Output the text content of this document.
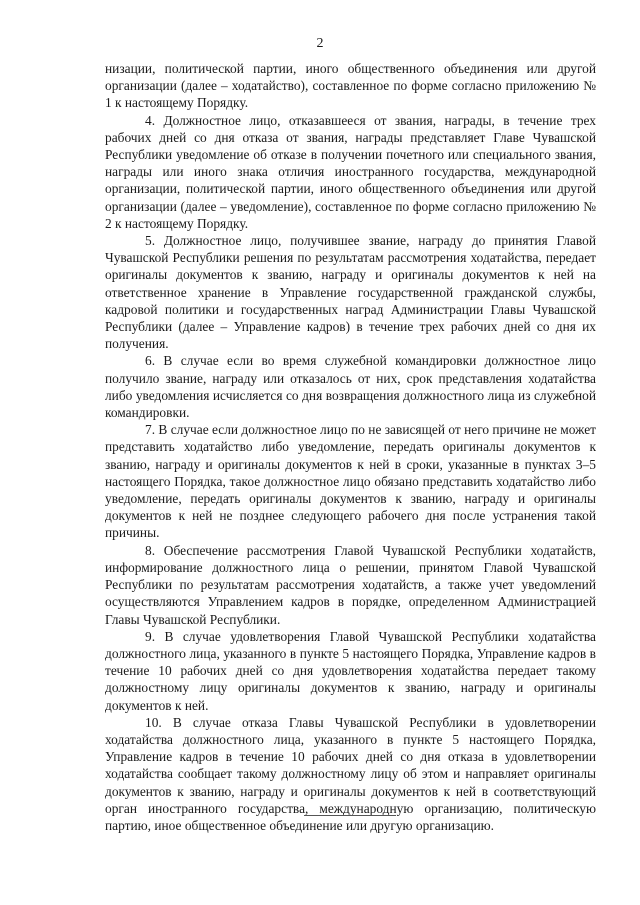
2

низации, политической партии, иного общественного объединения или другой организации (далее – ходатайство), составленное по форме согласно приложению № 1 к настоящему Порядку.

4. Должностное лицо, отказавшееся от звания, награды, в течение трех рабочих дней со дня отказа от звания, награды представляет Главе Чувашской Республики уведомление об отказе в получении почетного или специального звания, награды или иного знака отличия иностранного государства, международной организации, политической партии, иного общественного объединения или другой организации (далее – уведомление), составленное по форме согласно приложению № 2 к настоящему Порядку.

5. Должностное лицо, получившее звание, награду до принятия Главой Чувашской Республики решения по результатам рассмотрения ходатайства, передает оригиналы документов к званию, награду и оригиналы документов к ней на ответственное хранение в Управление государственной гражданской службы, кадровой политики и государственных наград Администрации Главы Чувашской Республики (далее – Управление кадров) в течение трех рабочих дней со дня их получения.

6. В случае если во время служебной командировки должностное лицо получило звание, награду или отказалось от них, срок представления ходатайства либо уведомления исчисляется со дня возвращения должностного лица из служебной командировки.

7. В случае если должностное лицо по не зависящей от него причине не может представить ходатайство либо уведомление, передать оригиналы документов к званию, награду и оригиналы документов к ней в сроки, указанные в пунктах 3–5 настоящего Порядка, такое должностное лицо обязано представить ходатайство либо уведомление, передать оригиналы документов к званию, награду и оригиналы документов к ней не позднее следующего рабочего дня после устранения такой причины.

8. Обеспечение рассмотрения Главой Чувашской Республики ходатайств, информирование должностного лица о решении, принятом Главой Чувашской Республики по результатам рассмотрения ходатайств, а также учет уведомлений осуществляются Управлением кадров в порядке, определенном Администрацией Главы Чувашской Республики.

9. В случае удовлетворения Главой Чувашской Республики ходатайства должностного лица, указанного в пункте 5 настоящего Порядка, Управление кадров в течение 10 рабочих дней со дня удовлетворения ходатайства передает такому должностному лицу оригиналы документов к званию, награду и оригиналы документов к ней.

10. В случае отказа Главы Чувашской Республики в удовлетворении ходатайства должностного лица, указанного в пункте 5 настоящего Порядка, Управление кадров в течение 10 рабочих дней со дня отказа в удовлетворении ходатайства сообщает такому должностному лицу об этом и направляет оригиналы документов к званию, награду и оригиналы документов к ней в соответствующий орган иностранного государства, международную организацию, политическую партию, иное общественное объединение или другую организацию.
